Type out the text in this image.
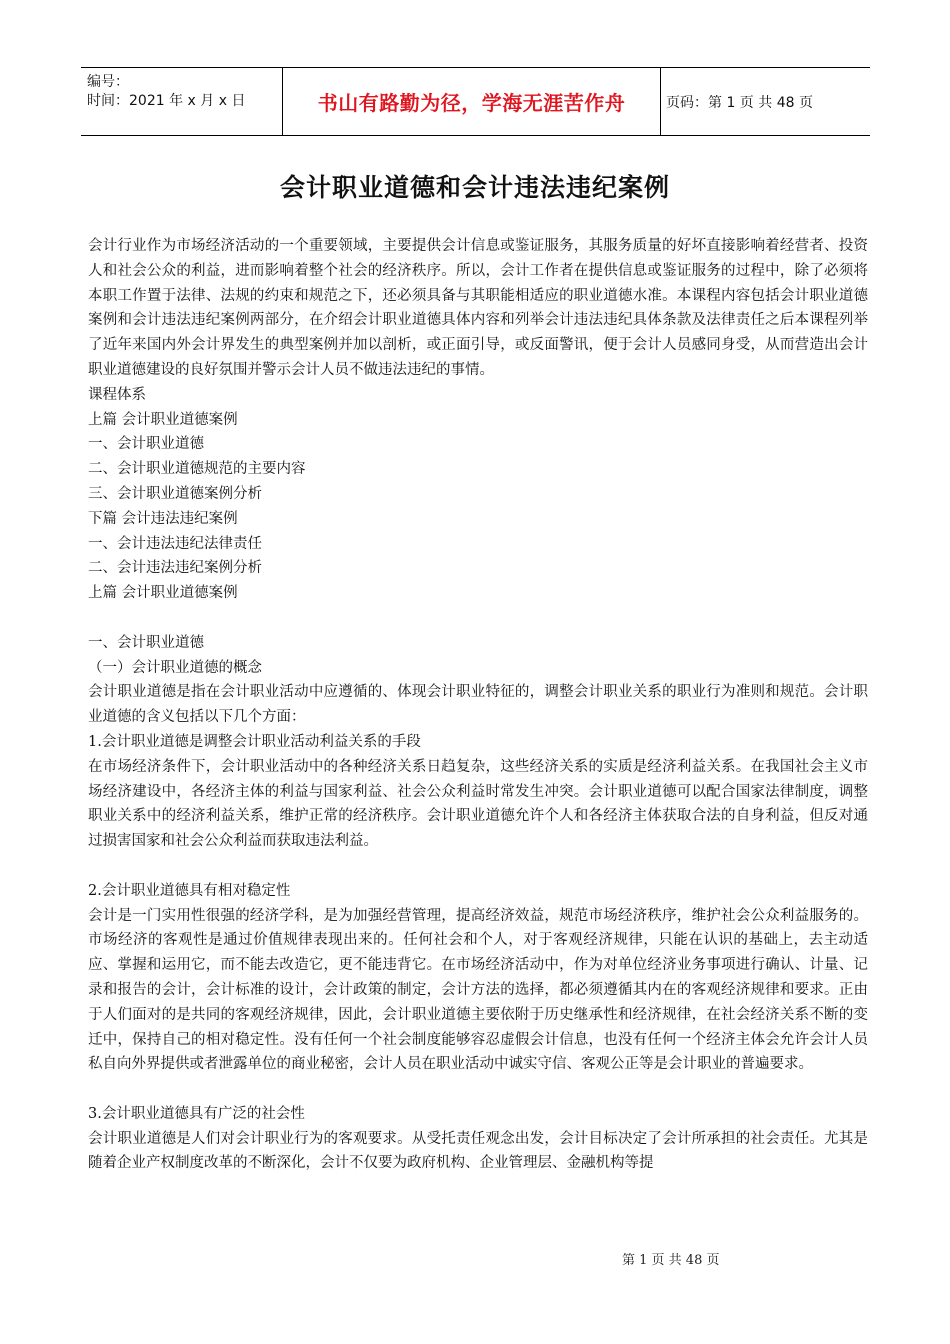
编号：
时间：2021 年 x 月 x 日	书山有路勤为径，学海无涯苦作舟	页码：第 1 页 共 48 页
会计职业道德和会计违法违纪案例

会计行业作为市场经济活动的一个重要领域，主要提供会计信息或鉴证服务，其服务质量的好坏直接影响着经营者、投资人和社会公众的利益，进而影响着整个社会的经济秩序。所以，会计工作者在提供信息或鉴证服务的过程中，除了必须将本职工作置于法律、法规的约束和规范之下，还必须具备与其职能相适应的职业道德水准。本课程内容包括会计职业道德案例和会计违法违纪案例两部分，在介绍会计职业道德具体内容和列举会计违法违纪具体条款及法律责任之后本课程列举了近年来国内外会计界发生的典型案例并加以剖析，或正面引导，或反面警讯，便于会计人员感同身受，从而营造出会计职业道德建设的良好氛围并警示会计人员不做违法违纪的事情。

课程体系

上篇 会计职业道德案例

一、会计职业道德

二、会计职业道德规范的主要内容

三、会计职业道德案例分析

下篇 会计违法违纪案例

一、会计违法违纪法律责任

二、会计违法违纪案例分析

上篇 会计职业道德案例

一、会计职业道德

（一）会计职业道德的概念

会计职业道德是指在会计职业活动中应遵循的、体现会计职业特征的，调整会计职业关系的职业行为准则和规范。会计职业道德的含义包括以下几个方面：

1.会计职业道德是调整会计职业活动利益关系的手段

在市场经济条件下，会计职业活动中的各种经济关系日趋复杂，这些经济关系的实质是经济利益关系。在我国社会主义市场经济建设中，各经济主体的利益与国家利益、社会公众利益时常发生冲突。会计职业道德可以配合国家法律制度，调整职业关系中的经济利益关系，维护正常的经济秩序。会计职业道德允许个人和各经济主体获取合法的自身利益，但反对通过损害国家和社会公众利益而获取违法利益。

2.会计职业道德具有相对稳定性

会计是一门实用性很强的经济学科，是为加强经营管理，提高经济效益，规范市场经济秩序，维护社会公众利益服务的。市场经济的客观性是通过价值规律表现出来的。任何社会和个人，对于客观经济规律，只能在认识的基础上，去主动适应、掌握和运用它，而不能去改造它，更不能违背它。在市场经济活动中，作为对单位经济业务事项进行确认、计量、记录和报告的会计，会计标准的设计，会计政策的制定，会计方法的选择，都必须遵循其内在的客观经济规律和要求。正由于人们面对的是共同的客观经济规律，因此，会计职业道德主要依附于历史继承性和经济规律，在社会经济关系不断的变迁中，保持自己的相对稳定性。没有任何一个社会制度能够容忍虚假会计信息，也没有任何一个经济主体会允许会计人员私自向外界提供或者泄露单位的商业秘密，会计人员在职业活动中诚实守信、客观公正等是会计职业的普遍要求。

3.会计职业道德具有广泛的社会性

会计职业道德是人们对会计职业行为的客观要求。从受托责任观念出发，会计目标决定了会计所承担的社会责任。尤其是随着企业产权制度改革的不断深化，会计不仅要为政府机构、企业管理层、金融机构等提

第 1 页 共 48 页
